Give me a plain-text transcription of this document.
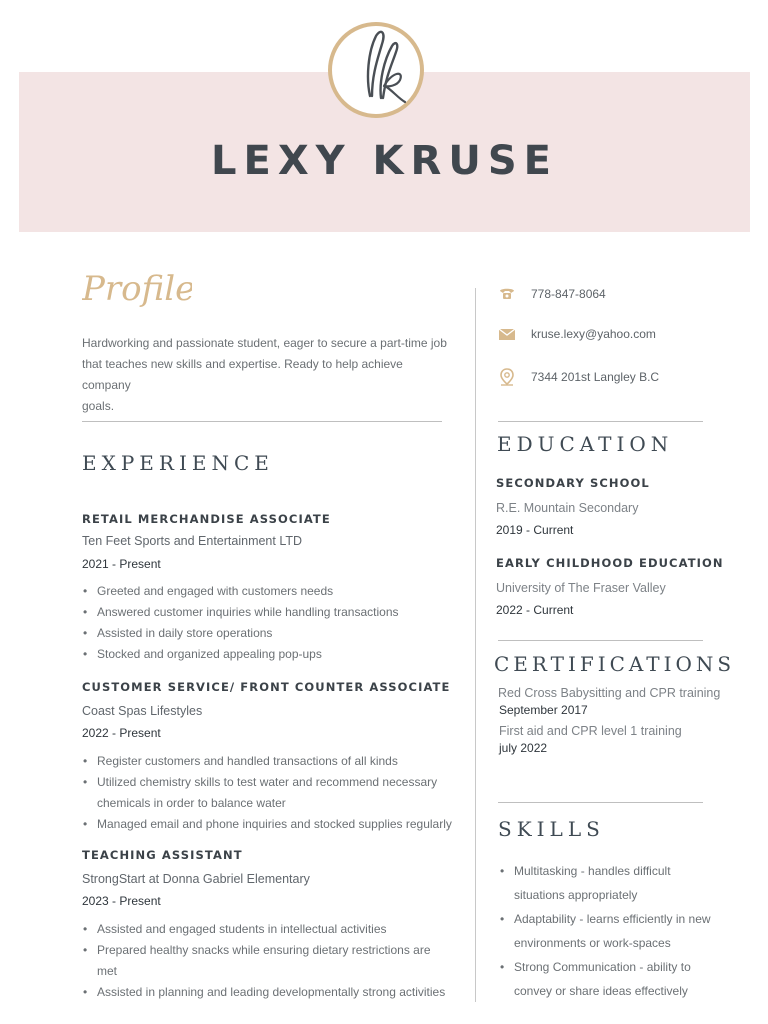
LEXY KRUSE
Profile
Hardworking and passionate student, eager to secure a part-time job
that teaches new skills and expertise. Ready to help achieve company
goals.
EXPERIENCE
RETAIL MERCHANDISE ASSOCIATE
Ten Feet Sports and Entertainment LTD
2021 - Present
• Greeted and engaged with customers needs
• Answered customer inquiries while handling transactions
• Assisted in daily store operations
• Stocked and organized appealing pop-ups
CUSTOMER SERVICE/ FRONT COUNTER ASSOCIATE
Coast Spas Lifestyles
2022 - Present
• Register customers and handled transactions of all kinds
• Utilized chemistry skills to test water and recommend necessary
chemicals in order to balance water
• Managed email and phone inquiries and stocked supplies regularly
TEACHING ASSISTANT
StrongStart at Donna Gabriel Elementary
2023 - Present
• Assisted and engaged students in intellectual activities
• Prepared healthy snacks while ensuring dietary restrictions are
met
• Assisted in planning and leading developmentally strong activities
778-847-8064
kruse.lexy@yahoo.com
7344 201st Langley B.C
EDUCATION
SECONDARY SCHOOL
R.E. Mountain Secondary
2019 - Current
EARLY CHILDHOOD EDUCATION
University of The Fraser Valley
2022 - Current
CERTIFICATIONS
Red Cross Babysitting and CPR training
September 2017
First aid and CPR level 1 training
july 2022
SKILLS
• Multitasking - handles difficult situations appropriately
• Adaptability - learns efficiently in new environments or work-spaces
• Strong Communication - ability to convey or share ideas effectively
